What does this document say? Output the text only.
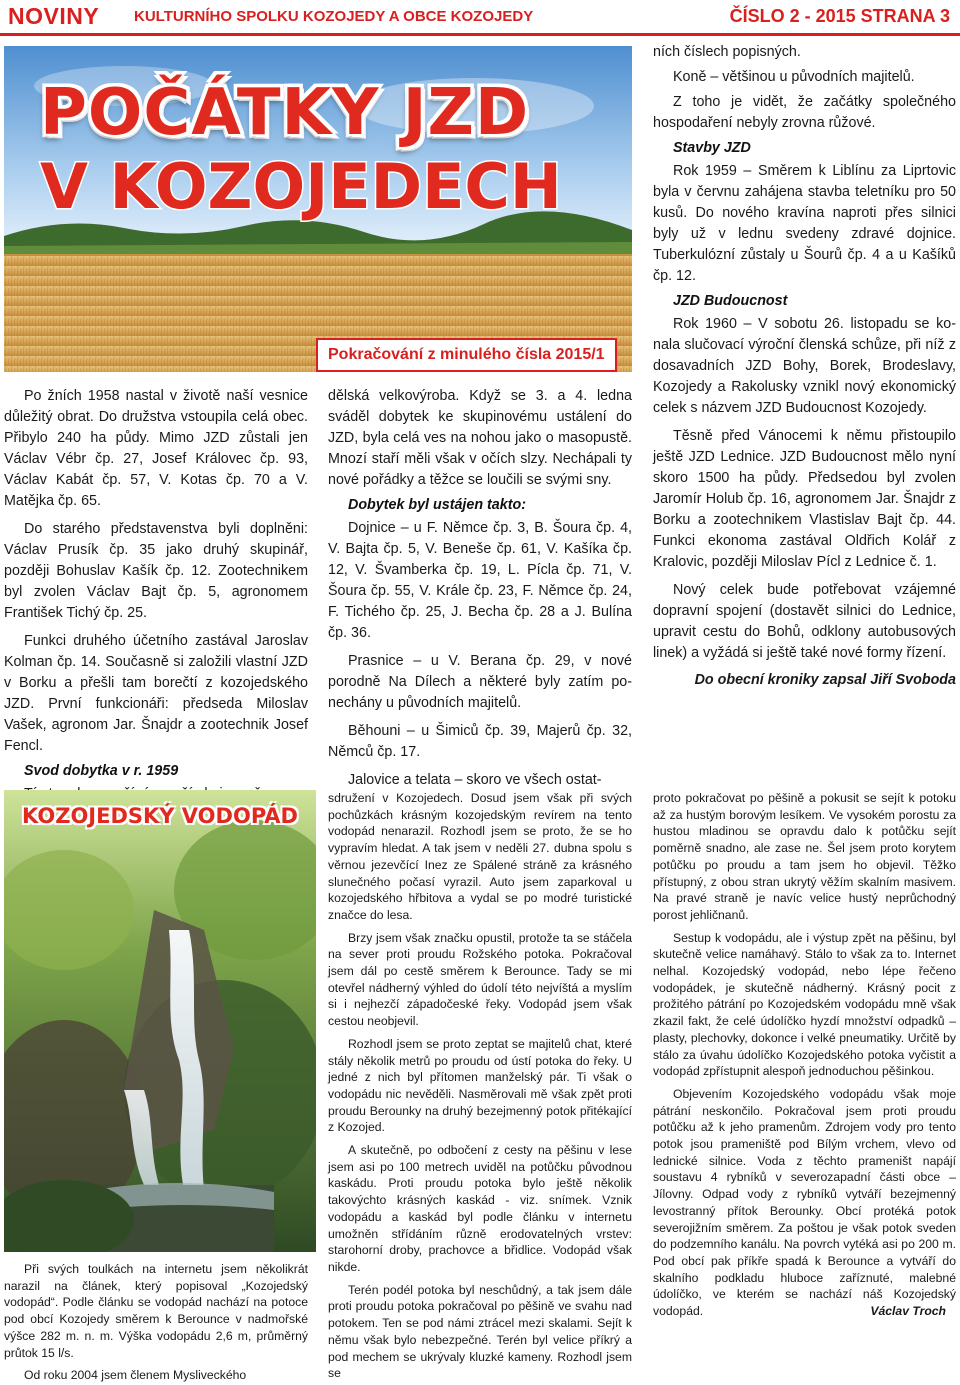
NOVINY KULTURNÍHO SPOLKU KOZOJEDY A OBCE KOZOJEDY	ČÍSLO 2 - 2015 STRANA 3
POČÁTKY JZD
V KOZOJEDECH
Pokračování z minulého čísla 2015/1

Po žních 1958 nastal v životě naší vesnice důležitý obrat. Do družstva vstoupila celá obec. Přibylo 240 ha půdy. Mimo JZD zůstali jen Václav Vébr čp. 27, Josef Královec čp. 93, Václav Kabát čp. 57, V. Kotas čp. 70 a V. Matějka čp. 65.

Do starého představenstva byli doplněni: Václav Prusík čp. 35 jako druhý skupinář, později Bohuslav Kašík čp. 12. Zootechnikem byl zvolen Václav Bajt čp. 5, agronomem František Tichý čp. 25.

Funkci druhého účetního zastával Jaroslav Kolman čp. 14. Současně si založili vlastní JZD v Borku a přešli tam borečtí z kozojedského JZD. První funkcionáři: předseda Miloslav Vašek, agronom Jar. Šnajdr a zootechnik Josef Fencl.

Svod dobytka v r. 1959

dělská velkovýroba. Když se 3. a 4. ledna sváděl dobytek ke skupinovému ustálení do JZD, byla celá ves na nohou jako o masopustě. Mnozí staří měli však v očích slzy. Nechápali ty nové pořádky a těžce se loučili se svými sny.

Dobytek byl ustájen takto:

Dojnice – u F. Němce čp. 3, B. Šoura čp. 4, V. Bajta čp. 5, V. Beneše čp. 61, V. Kašíka čp. 12, V. Švamberka čp. 19, L. Pícla čp. 71, V. Šoura čp. 55, V. Krále čp. 23, F. Němce čp. 24, F. Tichého čp. 25, J. Becha čp. 28 a J. Bulína čp. 36.

Prasnice – u V. Berana čp. 29, v nové porodně Na Dílech a některé byly zatím ponechány u původních majitelů.

Běhouni – u Šimiců čp. 39, Majerů čp. 32, Němců čp. 17.

Jalovice a telata – skoro ve všech ostat-

ních číslech popisných.

Koně – většinou u původních majitelů.

Z toho je vidět, že začátky společného hospodaření nebyly zrovna růžové.

Stavby JZD

Rok 1959 – Směrem k Liblínu za Liprtovic byla v červnu zahájena stavba teletníku pro 50 kusů. Do nového kravína naproti přes silnici byly už v lednu svedeny zdravé dojnice. Tuberkulózní zůstaly u Šourů čp. 4 a u Kašíků čp. 12.

JZD Budoucnost

Rok 1960 – V sobotu 26. listopadu se konala slučovací výroční členská schůze, při níž z dosavadních JZD Bohy, Borek, Brodeslavy, Kozojedy a Rakolusky vznikl nový ekonomický celek s názvem JZD Budoucnost Kozojedy.

Těsně před Vánocemi k němu přistoupilo ještě JZD Lednice. JZD Budoucnost mělo nyní skoro 1500 ha půdy. Předsedou byl zvolen Jaromír Holub čp. 16, agronomem Jar. Šnajdr z Borku a zootechnikem Vlastislav Bajt čp. 44. Funkci ekonoma zastával Oldřich Kolář z Kralovic, později Miloslav Pícl z Lednice č. 1.

Nový celek bude potřebovat vzájemné dopravní spojení (dostavět silnici do Lednice, upravit cestu do Bohů, odklony autobusových linek) a vyžádá si ještě také nové formy řízení.

Do obecní kroniky zapsal Jiří Svoboda

KOZOJEDSKÝ VODOPÁD

Při svých toulkách na internetu jsem několikrát narazil na článek, který popisoval „Kozojedský vodopád“. Podle článku se vodopád nachází na potoce pod obcí Kozojedy směrem k Berounce v nadmořské výšce 282 m. n. m. Výška vodopádu 2,6 m, průměrný průtok 15 l/s.

Od roku 2004 jsem členem Mysliveckého

sdružení v Kozojedech. Dosud jsem však při svých pochůzkách krásným kozojedským revírem na tento vodopád nenarazil. Rozhodl jsem se proto, že se ho vypravím hledat. A tak jsem v neděli 27. dubna spolu s věrnou jezevčící Inez ze Spálené stráně za krásného slunečného počasí vyrazil. Auto jsem zaparkoval u kozojedského hřbitova a vydal se po modré turistické značce do lesa.

Brzy jsem však značku opustil, protože ta se stáčela na sever proti proudu Rožského potoka. Pokračoval jsem dál po cestě směrem k Berounce. Tady se mi otevřel nádherný výhled do údolí této nejvíštá a myslím si i nejhezčí západočeské řeky. Vodopád jsem však cestou neobjevil.

Rozhodl jsem se proto zeptat se majitelů chat, které stály několik metrů po proudu od ústí potoka do řeky. U jedné z nich byl přítomen manželský pár. Ti však o vodopádu nic nevěděli. Nasměrovali mě však zpět proti proudu Berounky na druhý bezejmenný potok přitékající z Kozojed.

A skutečně, po odbočení z cesty na pěšinu v lese jsem asi po 100 metrech uviděl na potůčku původnou kaskádu. Proti proudu potoka bylo ještě několik takovýchto krásných kaskád - viz. snímek. Vznik vodopádu a kaskád byl podle článku v internetu umožněn střídáním různě erodovatelných vrstev: starohorní droby, prachovce a břidlice. Vodopád však nikde.

Terén podél potoka byl neschůdný, a tak jsem dále proti proudu potoka pokračoval po pěšině ve svahu nad potokem. Ten se pod námi ztrácel mezi skalami. Sejít k němu však bylo nebezpečné. Terén byl velice příkrý a pod mechem se ukrývaly kluzké kameny. Rozhodl jsem se

proto pokračovat po pěšině a pokusit se sejít k potoku až za hustým borovým lesíkem. Ve vysokém porostu za hustou mladinou se opravdu dalo k potůčku sejít poměrně snadno, ale zase ne. Šel jsem proto korytem potůčku po proudu a tam jsem ho objevil. Těžko přístupný, z obou stran ukrytý věžím skalním masivem. Na pravé straně je navíc velice hustý neprůchodný porost jehličnanů.

Sestup k vodopádu, ale i výstup zpět na pěšinu, byl skutečně velice namáhavý. Stálo to však za to. Internet nelhal. Kozojedský vodopád, nebo lépe řečeno vodopádek, je skutečně nádherný. Krásný pocit z prožitého pátrání po Kozojedském vodopádu mně však zkazil fakt, že celé údolíčko hyzdí množství odpadků – plasty, plechovky, dokonce i velké pneumatiky. Určitě by stálo za úvahu údolíčko Kozojedského potoka vyčistit a vodopád zpřístupnit alespoň jednoduchou pěšinkou.

Objevením Kozojedského vodopádu však moje pátrání neskončilo. Pokračoval jsem proti proudu potůčku až k jeho pramenům. Zdrojem vody pro tento potok jsou prameniště pod Bílým vrchem, vlevo od lednické silnice. Voda z těchto prameništ napájí soustavu 4 rybníků v severozapadní části obce – Jílovny. Odpad vody z rybníků vytváří bezejmenný levostranný přítok Berounky. Obcí protéká potok severojižním směrem. Za poštou je však potok sveden do podzemního kanálu. Na povrch vytéká asi po 200 m. Pod obcí pak příkře spadá k Berounce a vytváří do skalního podkladu hluboce zaříznuté, malebné údolíčko, ve kterém se nachází náš Kozojedský vodopád.	Václav Troch
